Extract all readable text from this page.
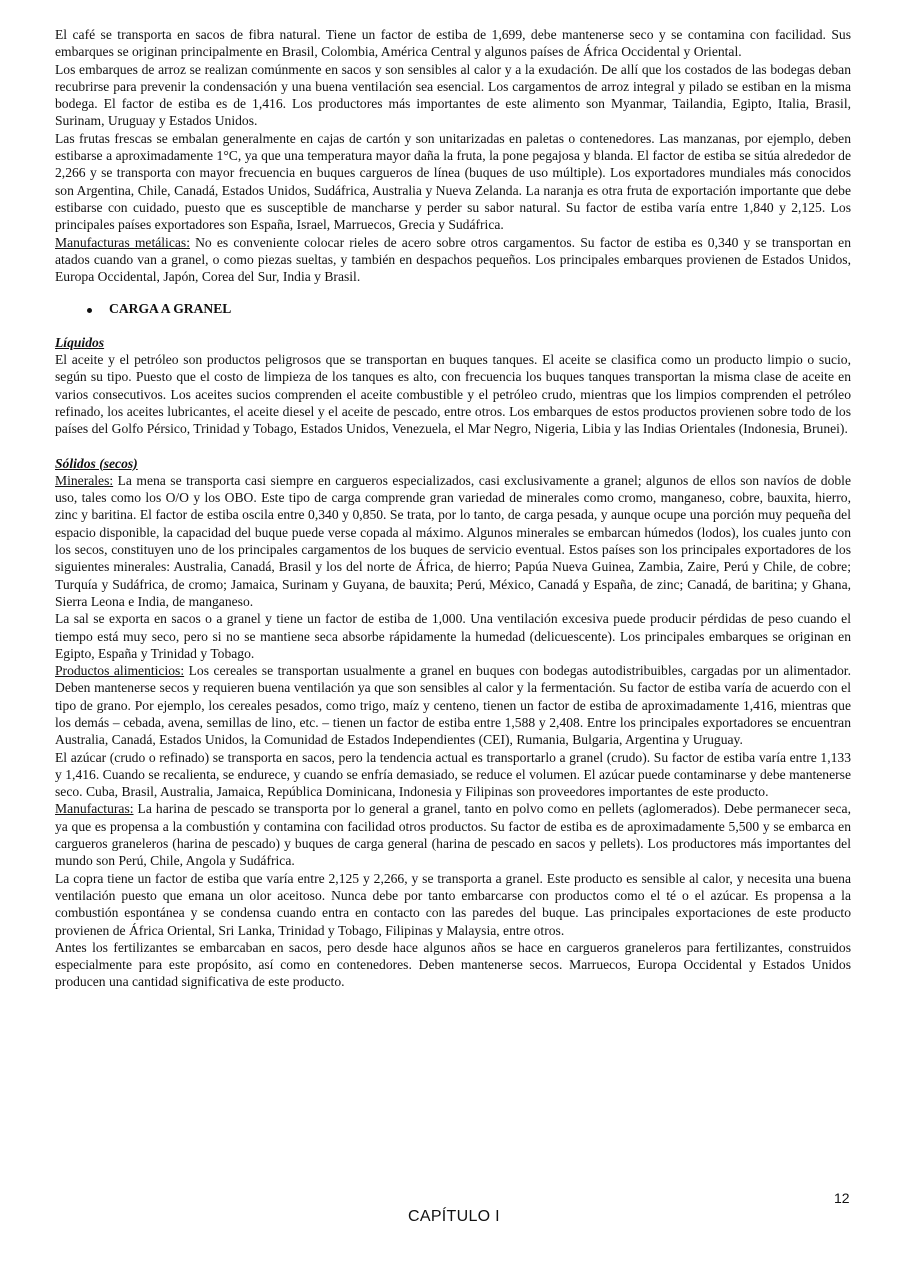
El café se transporta en sacos de fibra natural. Tiene un factor de estiba de 1,699, debe mantenerse seco y se contamina con facilidad. Sus embarques se originan principalmente en Brasil, Colombia, América Central y algunos países de África Occidental y Oriental.

Los embarques de arroz se realizan comúnmente en sacos y son sensibles al calor y a la exudación. De allí que los costados de las bodegas deban recubrirse para prevenir la condensación y una buena ventilación sea esencial. Los cargamentos de arroz integral y pilado se estiban en la misma bodega. El factor de estiba es de 1,416. Los productores más importantes de este alimento son Myanmar, Tailandia, Egipto, Italia, Brasil, Surinam, Uruguay y Estados Unidos.

Las frutas frescas se embalan generalmente en cajas de cartón y son unitarizadas en paletas o contenedores. Las manzanas, por ejemplo, deben estibarse a aproximadamente 1°C, ya que una temperatura mayor daña la fruta, la pone pegajosa y blanda. El factor de estiba se sitúa alrededor de 2,266 y se transporta con mayor frecuencia en buques cargueros de línea (buques de uso múltiple). Los exportadores mundiales más conocidos son Argentina, Chile, Canadá, Estados Unidos, Sudáfrica, Australia y Nueva Zelanda. La naranja es otra fruta de exportación importante que debe estibarse con cuidado, puesto que es susceptible de mancharse y perder su sabor natural. Su factor de estiba varía entre 1,840 y 2,125. Los principales países exportadores son España, Israel, Marruecos, Grecia y Sudáfrica.

Manufacturas metálicas: No es conveniente colocar rieles de acero sobre otros cargamentos. Su factor de estiba es 0,340 y se transportan en atados cuando van a granel, o como piezas sueltas, y también en despachos pequeños. Los principales embarques provienen de Estados Unidos, Europa Occidental, Japón, Corea del Sur, India y Brasil.

CARGA A GRANEL

Líquidos

El aceite y el petróleo son productos peligrosos que se transportan en buques tanques. El aceite se clasifica como un producto limpio o sucio, según su tipo. Puesto que el costo de limpieza de los tanques es alto, con frecuencia los buques tanques transportan la misma clase de aceite en varios consecutivos. Los aceites sucios comprenden el aceite combustible y el petróleo crudo, mientras que los limpios comprenden el petróleo refinado, los aceites lubricantes, el aceite diesel y el aceite de pescado, entre otros. Los embarques de estos productos provienen sobre todo de los países del Golfo Pérsico, Trinidad y Tobago, Estados Unidos, Venezuela, el Mar Negro, Nigeria, Libia y las Indias Orientales (Indonesia, Brunei).

Sólidos (secos)

Minerales: La mena se transporta casi siempre en cargueros especializados, casi exclusivamente a granel; algunos de ellos son navíos de doble uso, tales como los O/O y los OBO. Este tipo de carga comprende gran variedad de minerales como cromo, manganeso, cobre, bauxita, hierro, zinc y baritina. El factor de estiba oscila entre 0,340 y 0,850. Se trata, por lo tanto, de carga pesada, y aunque ocupe una porción muy pequeña del espacio disponible, la capacidad del buque puede verse copada al máximo. Algunos minerales se embarcan húmedos (lodos), los cuales junto con los secos, constituyen uno de los principales cargamentos de los buques de servicio eventual. Estos países son los principales exportadores de los siguientes minerales: Australia, Canadá, Brasil y los del norte de África, de hierro; Papúa Nueva Guinea, Zambia, Zaire, Perú y Chile, de cobre; Turquía y Sudáfrica, de cromo; Jamaica, Surinam y Guyana, de bauxita; Perú, México, Canadá y España, de zinc; Canadá, de baritina; y Ghana, Sierra Leona e India, de manganeso.

La sal se exporta en sacos o a granel y tiene un factor de estiba de 1,000. Una ventilación excesiva puede producir pérdidas de peso cuando el tiempo está muy seco, pero si no se mantiene seca absorbe rápidamente la humedad (delicuescente). Los principales embarques se originan en Egipto, España y Trinidad y Tobago.

Productos alimenticios: Los cereales se transportan usualmente a granel en buques con bodegas autodistribuibles, cargadas por un alimentador. Deben mantenerse secos y requieren buena ventilación ya que son sensibles al calor y la fermentación. Su factor de estiba varía de acuerdo con el tipo de grano. Por ejemplo, los cereales pesados, como trigo, maíz y centeno, tienen un factor de estiba de aproximadamente 1,416, mientras que los demás – cebada, avena, semillas de lino, etc. – tienen un factor de estiba entre 1,588 y 2,408. Entre los principales exportadores se encuentran Australia, Canadá, Estados Unidos, la Comunidad de Estados Independientes (CEI), Rumania, Bulgaria, Argentina y Uruguay.

El azúcar (crudo o refinado) se transporta en sacos, pero la tendencia actual es transportarlo a granel (crudo). Su factor de estiba varía entre 1,133 y 1,416. Cuando se recalienta, se endurece, y cuando se enfría demasiado, se reduce el volumen. El azúcar puede contaminarse y debe mantenerse seco. Cuba, Brasil, Australia, Jamaica, República Dominicana, Indonesia y Filipinas son proveedores importantes de este producto.

Manufacturas: La harina de pescado se transporta por lo general a granel, tanto en polvo como en pellets (aglomerados). Debe permanecer seca, ya que es propensa a la combustión y contamina con facilidad otros productos. Su factor de estiba es de aproximadamente 5,500 y se embarca en cargueros graneleros (harina de pescado) y buques de carga general (harina de pescado en sacos y pellets). Los productores más importantes del mundo son Perú, Chile, Angola y Sudáfrica.

La copra tiene un factor de estiba que varía entre 2,125 y 2,266, y se transporta a granel. Este producto es sensible al calor, y necesita una buena ventilación puesto que emana un olor aceitoso. Nunca debe por tanto embarcarse con productos como el té o el azúcar. Es propensa a la combustión espontánea y se condensa cuando entra en contacto con las paredes del buque. Las principales exportaciones de este producto provienen de África Oriental, Sri Lanka, Trinidad y Tobago, Filipinas y Malaysia, entre otros.

Antes los fertilizantes se embarcaban en sacos, pero desde hace algunos años se hace en cargueros graneleros para fertilizantes, construidos especialmente para este propósito, así como en contenedores. Deben mantenerse secos. Marruecos, Europa Occidental y Estados Unidos producen una cantidad significativa de este producto.

12
CAPÍTULO I
